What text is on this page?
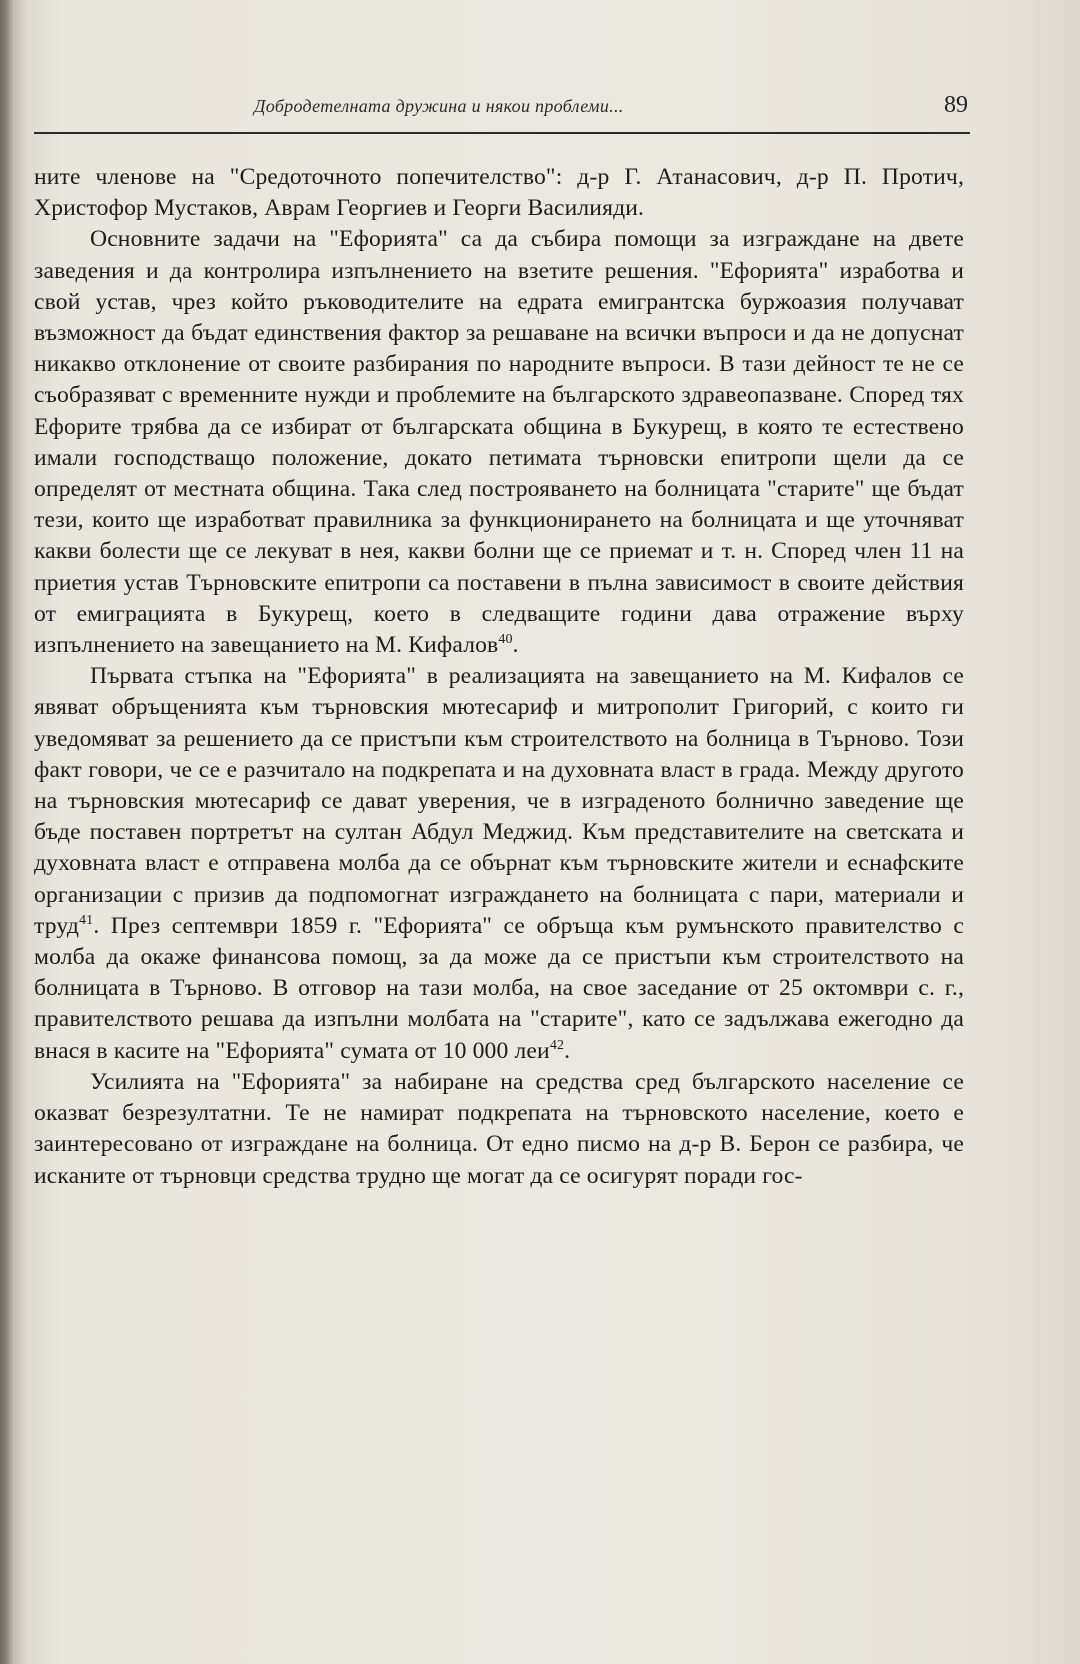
Добродетелната дружина и някои проблеми...	89

ните членове на "Средоточното попечителство": д-р Г. Атанасович, д-р П. Протич, Христофор Мустаков, Аврам Георгиев и Георги Василияди.

Основните задачи на "Ефорията" са да събира помощи за изграждане на двете заведения и да контролира изпълнението на взетите решения. "Ефорията" изработва и свой устав, чрез който ръководителите на едрата емигрантска буржоазия получават възможност да бъдат единствения фактор за решаване на всички въпроси и да не допуснат никакво отклонение от своите разбирания по народните въпроси. В тази дейност те не се съобразяват с временните нужди и проблемите на българското здравеопазване. Според тях Ефорите трябва да се избират от българската община в Букурещ, в която те естествено имали господстващо положение, докато петимата търновски епитропи щели да се определят от местната община. Така след построяването на болницата "старите" ще бъдат тези, които ще изработват правилника за функционирането на болницата и ще уточняват какви болести ще се лекуват в нея, какви болни ще се приемат и т. н. Според член 11 на приетия устав Търновските епитропи са поставени в пълна зависимост в своите действия от емиграцията в Букурещ, което в следващите години дава отражение върху изпълнението на завещанието на М. Кифалов$^{40}$.

Първата стъпка на "Ефорията" в реализацията на завещанието на М. Кифалов се явяват обръщенията към търновския мютесариф и митрополит Григорий, с които ги уведомяват за решението да се пристъпи към строителството на болница в Търново. Този факт говори, че се е разчитало на подкрепата и на духовната власт в града. Между другото на търновския мютесариф се дават уверения, че в изграденото болнично заведение ще бъде поставен портретът на султан Абдул Меджид. Към представителите на светската и духовната власт е отправена молба да се обърнат към търновските жители и еснафските организации с призив да подпомогнат изграждането на болницата с пари, материали и труд$^{41}$. През септември 1859 г. "Ефорията" се обръща към румънското правителство с молба да окаже финансова помощ, за да може да се пристъпи към строителството на болницата в Търново. В отговор на тази молба, на свое заседание от 25 октомври с. г., правителството решава да изпълни молбата на "старите", като се задължава ежегодно да внася в касите на "Ефорията" сумата от 10 000 леи$^{42}$.

Усилията на "Ефорията" за набиране на средства сред българското население се оказват безрезултатни. Те не намират подкрепата на търновското население, което е заинтересовано от изграждане на болница. От едно писмо на д-р В. Берон се разбира, че исканите от търновци средства трудно ще могат да се осигурят поради гос-
